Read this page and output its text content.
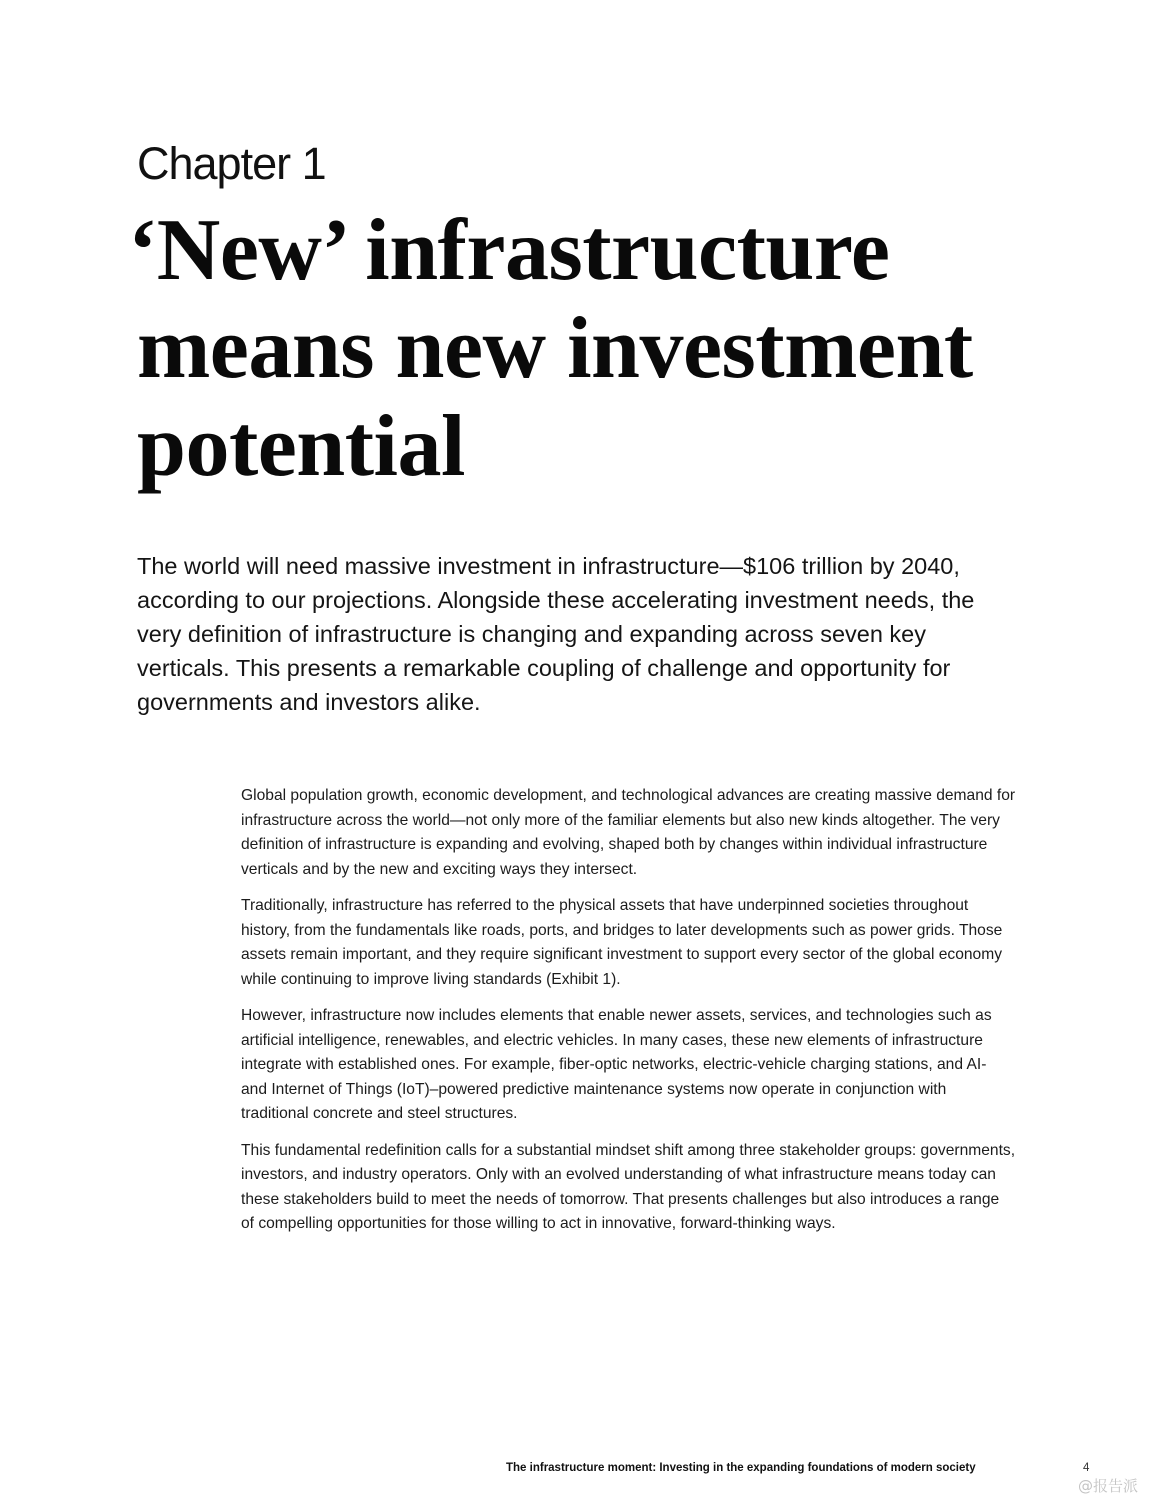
Chapter 1
‘New’ infrastructure
means new investment
potential

The world will need massive investment in infrastructure—$106 trillion by 2040, according to our projections. Alongside these accelerating investment needs, the very definition of infrastructure is changing and expanding across seven key verticals. This presents a remarkable coupling of challenge and opportunity for governments and investors alike.

Global population growth, economic development, and technological advances are creating massive demand for infrastructure across the world—not only more of the familiar elements but also new kinds altogether. The very definition of infrastructure is expanding and evolving, shaped both by changes within individual infrastructure verticals and by the new and exciting ways they intersect.

Traditionally, infrastructure has referred to the physical assets that have underpinned societies throughout history, from the fundamentals like roads, ports, and bridges to later developments such as power grids. Those assets remain important, and they require significant investment to support every sector of the global economy while continuing to improve living standards (Exhibit 1).

However, infrastructure now includes elements that enable newer assets, services, and technologies such as artificial intelligence, renewables, and electric vehicles. In many cases, these new elements of infrastructure integrate with established ones. For example, fiber-optic networks, electric-vehicle charging stations, and AI- and Internet of Things (IoT)–powered predictive maintenance systems now operate in conjunction with traditional concrete and steel structures.

This fundamental redefinition calls for a substantial mindset shift among three stakeholder groups: governments, investors, and industry operators. Only with an evolved understanding of what infrastructure means today can these stakeholders build to meet the needs of tomorrow. That presents challenges but also introduces a range of compelling opportunities for those willing to act in innovative, forward-thinking ways.

The infrastructure moment: Investing in the expanding foundations of modern society	4
@报告派
